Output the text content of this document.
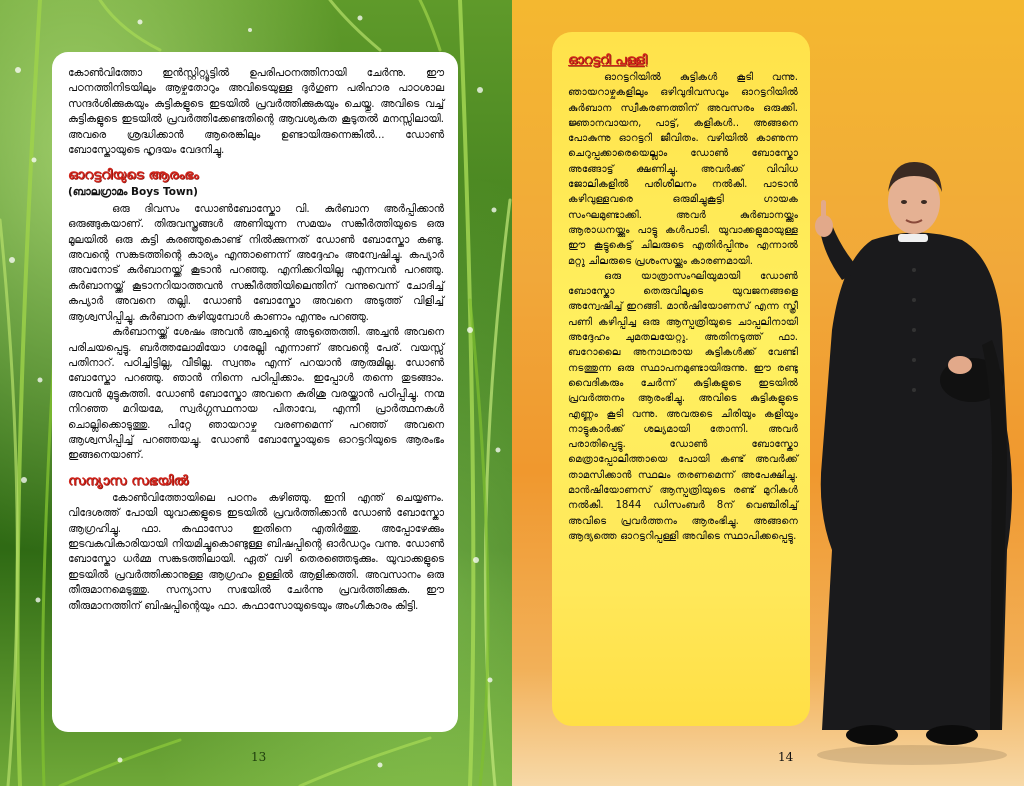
കോൺവിത്തോ ഇൻസ്റ്റിറ്റ്യൂട്ടിൽ ഉപരിപഠനത്തിനായി ചേർന്നു. ഈ പഠനത്തിനിടയിലും ആഴ്ചതോറും അവിടെയുള്ള ദുർഗുണ പരിഹാര പാഠശാല സന്ദർശിക്കുകയും കുട്ടികളുടെ ഇടയിൽ പ്രവർത്തിക്കുകയും ചെയ്തു. അവിടെ വച്ച് കുട്ടികളുടെ ഇടയിൽ പ്രവർത്തിക്കേണ്ടതിന്റെ ആവശ്യകത കൂടുതൽ മനസ്സിലായി. അവരെ ശ്രദ്ധിക്കാൻ ആരെങ്കിലും ഉണ്ടായിരുന്നെങ്കിൽ... ഡോൺ ബോസ്കോയുടെ ഹൃദയം വേദനിച്ചു.

ഓറട്ടറിയുടെ ആരംഭം
(ബാലഗ്രാമം Boys Town)

ഒരു ദിവസം ഡോൺബോസ്കോ വി. കുർബാന അർപ്പിക്കാൻ ഒരുങ്ങുകയാണ്. തിരുവസ്ത്രങ്ങൾ അണിയുന്ന സമയം സങ്കീർത്തിയുടെ ഒരു മൂലയിൽ ഒരു കുട്ടി കരഞ്ഞുകൊണ്ട് നിൽക്കുന്നത് ഡോൺ ബോസ്കോ കണ്ടു. അവന്റെ സങ്കടത്തിന്റെ കാര്യം എന്താണെന്ന് അദ്ദേഹം അന്വേഷിച്ചു. കപ്യാർ അവനോട് കുർബാനയ്ക്ക് കൂടാൻ പറഞ്ഞു. എനിക്കറിയില്ല എന്നവൻ പറഞ്ഞു. കുർബാനയ്ക്ക് കൂടാനറിയാത്തവൻ സങ്കീർത്തിയിലെന്തിന് വന്നുവെന്ന് ചോദിച്ച് കപ്യാർ അവനെ തല്ലി. ഡോൺ ബോസ്കോ അവനെ അടുത്ത് വിളിച്ച് ആശ്വസിപ്പിച്ചു. കുർബാന കഴിയുമ്പോൾ കാണാം എന്നും പറഞ്ഞു.

കുർബാനയ്ക്ക് ശേഷം അവൻ അച്ചന്റെ അടുത്തെത്തി. അച്ചൻ അവനെ പരിചയപ്പെട്ടു. ബർത്തലോമിയോ ഗരേല്ലി എന്നാണ് അവന്റെ പേര്. വയസ്സ് പതിനാറ്. പഠിച്ചിട്ടില്ല, വീടില്ല. സ്വന്തം എന്ന് പറയാൻ ആരുമില്ല. ഡോൺ ബോസ്കോ പറഞ്ഞു. ഞാൻ നിന്നെ പഠിപ്പിക്കാം. ഇപ്പോൾ തന്നെ തുടങ്ങാം. അവൻ മുട്ടുകുത്തി. ഡോൺ ബോസ്കോ അവനെ കുരിശു വരയ്ക്കാൻ പഠിപ്പിച്ചു. നന്മ നിറഞ്ഞ മറിയമേ, സ്വർഗ്ഗസ്ഥനായ പിതാവേ, എന്നീ പ്രാർത്ഥനകൾ ചൊല്ലിക്കൊടുത്തു. പിറ്റേ ഞായറാഴ്ച വരണമെന്ന് പറഞ്ഞ് അവനെ ആശ്വസിപ്പിച്ച് പറഞ്ഞയച്ചു. ഡോൺ ബോസ്കോയുടെ ഓറട്ടറിയുടെ ആരംഭം ഇങ്ങനെയാണ്.

സന്യാസ സഭയിൽ

കോൺവിത്തോയിലെ പഠനം കഴിഞ്ഞു. ഇനി എന്ത് ചെയ്യണം. വിദേശത്ത് പോയി യുവാക്കളുടെ ഇടയിൽ പ്രവർത്തിക്കാൻ ഡോൺ ബോസ്കോ ആഗ്രഹിച്ചു. ഫാ. കഫാസോ ഇതിനെ എതിർത്തു. അപ്പോഴേക്കും ഇടവകവികാരിയായി നിയമിച്ചുകൊണ്ടുള്ള ബിഷപ്പിന്റെ ഓർഡറും വന്നു. ഡോൺ ബോസ്കോ ധർമ്മ സങ്കടത്തിലായി. ഏത് വഴി തെരഞ്ഞെടുക്കും. യുവാക്കളുടെ ഇടയിൽ പ്രവർത്തിക്കാനുള്ള ആഗ്രഹം ഉള്ളിൽ ആളിക്കത്തി. അവസാനം ഒരു തീരുമാനമെടുത്തു. സന്യാസ സഭയിൽ ചേർന്നു പ്രവർത്തിക്കുക. ഈ തീരുമാനത്തിന് ബിഷപ്പിന്റെയും ഫാ. കഫാസോയുടെയും അംഗീകാരം കിട്ടി.

13
ഓറട്ടറി പള്ളി

ഓറട്ടറിയിൽ കുട്ടികൾ കൂടി വന്നു. ഞായറാഴ്ചകളിലും ഒഴിവുദിവസവും ഓറട്ടറിയിൽ കുർബാന സ്വീകരണത്തിന് അവസരം ഒരുക്കി. ജ്ഞാനവായന, പാട്ട്, കളികൾ.. അങ്ങനെ പോകുന്നു ഓറട്ടറി ജീവിതം. വഴിയിൽ കാണുന്ന ചെറുപ്പക്കാരെയെല്ലാം ഡോൺ ബോസ്കോ അങ്ങോട്ട് ക്ഷണിച്ചു. അവർക്ക് വിവിധ ജോലികളിൽ പരിശീലനം നൽകി. പാടാൻ കഴിവുള്ളവരെ ഒരുമിച്ചുകൂട്ടി ഗായക സംഘമുണ്ടാക്കി. അവർ കുർബാനയ്ക്കും ആരാധനയ്ക്കും പാട്ടു കൾപാടി. യുവാക്കളുമായുള്ള ഈ കൂട്ടുകെട്ട് ചിലരുടെ എതിർപ്പിനും എന്നാൽ മറ്റു ചിലരുടെ പ്രശംസയ്ക്കും കാരണമായി.

ഒരു യാത്രാസംഘിയുമായി ഡോൺ ബോസ്കോ തെരുവിലൂടെ യുവജനങ്ങളെ അന്വേഷിച്ച് ഇറങ്ങി. മാൻഷിയോണസ് എന്ന സ്ത്രീ പണി കഴിപ്പിച്ച ഒരു ആസ്പത്രിയുടെ ചാപ്പലിനായി അദ്ദേഹം ചുമതലയേറ്റു. അതിനടുത്ത് ഫാ. ബറോലൈ അനാഥരായ കുട്ടികൾക്ക് വേണ്ടി നടത്തുന്ന ഒരു സ്ഥാപനമുണ്ടായിരുന്നു. ഈ രണ്ടു വൈദികരും ചേർന്ന് കുട്ടികളുടെ ഇടയിൽ പ്രവർത്തനം ആരംഭിച്ചു. അവിടെ കുട്ടികളുടെ എണ്ണം കൂടി വന്നു. അവരുടെ ചിരിയും കളിയും നാട്ടുകാർക്ക് ശല്യമായി തോന്നി. അവർ പരാതിപ്പെട്ടു. ഡോൺ ബോസ്കോ മെത്രാപ്പോലീത്തായെ പോയി കണ്ട് അവർക്ക് താമസിക്കാൻ സ്ഥലം തരണമെന്ന് അപേക്ഷിച്ചു. മാൻഷിയോണസ് ആസ്പത്രിയുടെ രണ്ട് മുറികൾ നൽകി. 1844 ഡിസംബർ 8ന് വെഞ്ചിരിച്ച് അവിടെ പ്രവർത്തനം ആരംഭിച്ചു. അങ്ങനെ ആദ്യത്തെ ഓറട്ടറിപ്പള്ളി അവിടെ സ്ഥാപിക്കപ്പെട്ടു.

14
